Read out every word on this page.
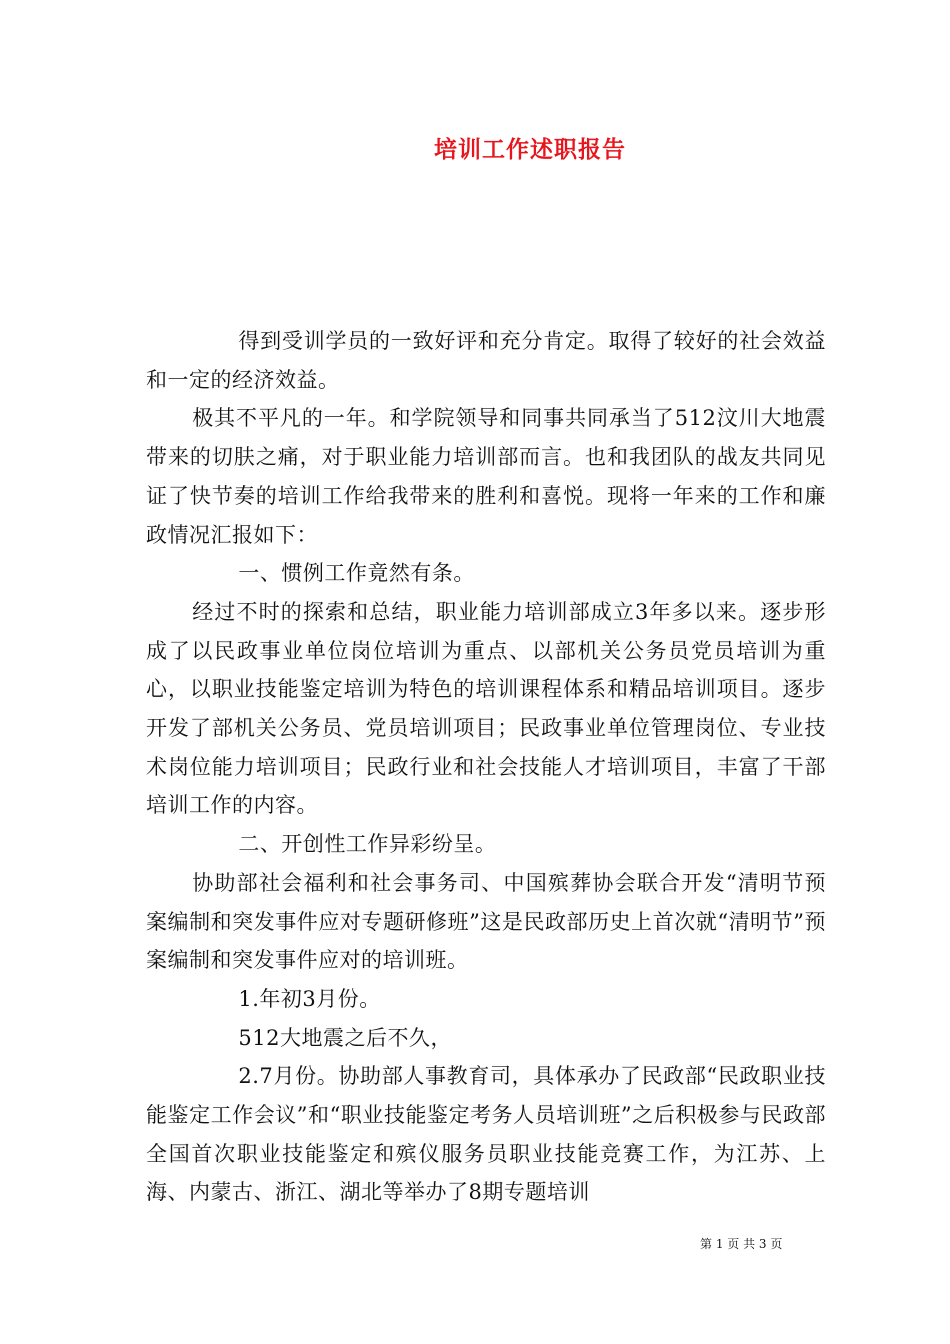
培训工作述职报告

得到受训学员的一致好评和充分肯定。取得了较好的社会效益和一定的经济效益。

极其不平凡的一年。和学院领导和同事共同承当了512汶川大地震带来的切肤之痛，对于职业能力培训部而言。也和我团队的战友共同见证了快节奏的培训工作给我带来的胜利和喜悦。现将一年来的工作和廉政情况汇报如下：

一、惯例工作竟然有条。

经过不时的探索和总结，职业能力培训部成立3年多以来。逐步形成了以民政事业单位岗位培训为重点、以部机关公务员党员培训为重心，以职业技能鉴定培训为特色的培训课程体系和精品培训项目。逐步开发了部机关公务员、党员培训项目；民政事业单位管理岗位、专业技术岗位能力培训项目；民政行业和社会技能人才培训项目，丰富了干部培训工作的内容。

二、开创性工作异彩纷呈。

协助部社会福利和社会事务司、中国殡葬协会联合开发“清明节预案编制和突发事件应对专题研修班”这是民政部历史上首次就“清明节”预案编制和突发事件应对的培训班。

1.年初3月份。

512大地震之后不久，

2.7月份。协助部人事教育司，具体承办了民政部“民政职业技能鉴定工作会议”和“职业技能鉴定考务人员培训班”之后积极参与民政部全国首次职业技能鉴定和殡仪服务员职业技能竞赛工作，为江苏、上海、内蒙古、浙江、湖北等举办了8期专题培训

第 1 页 共 3 页
